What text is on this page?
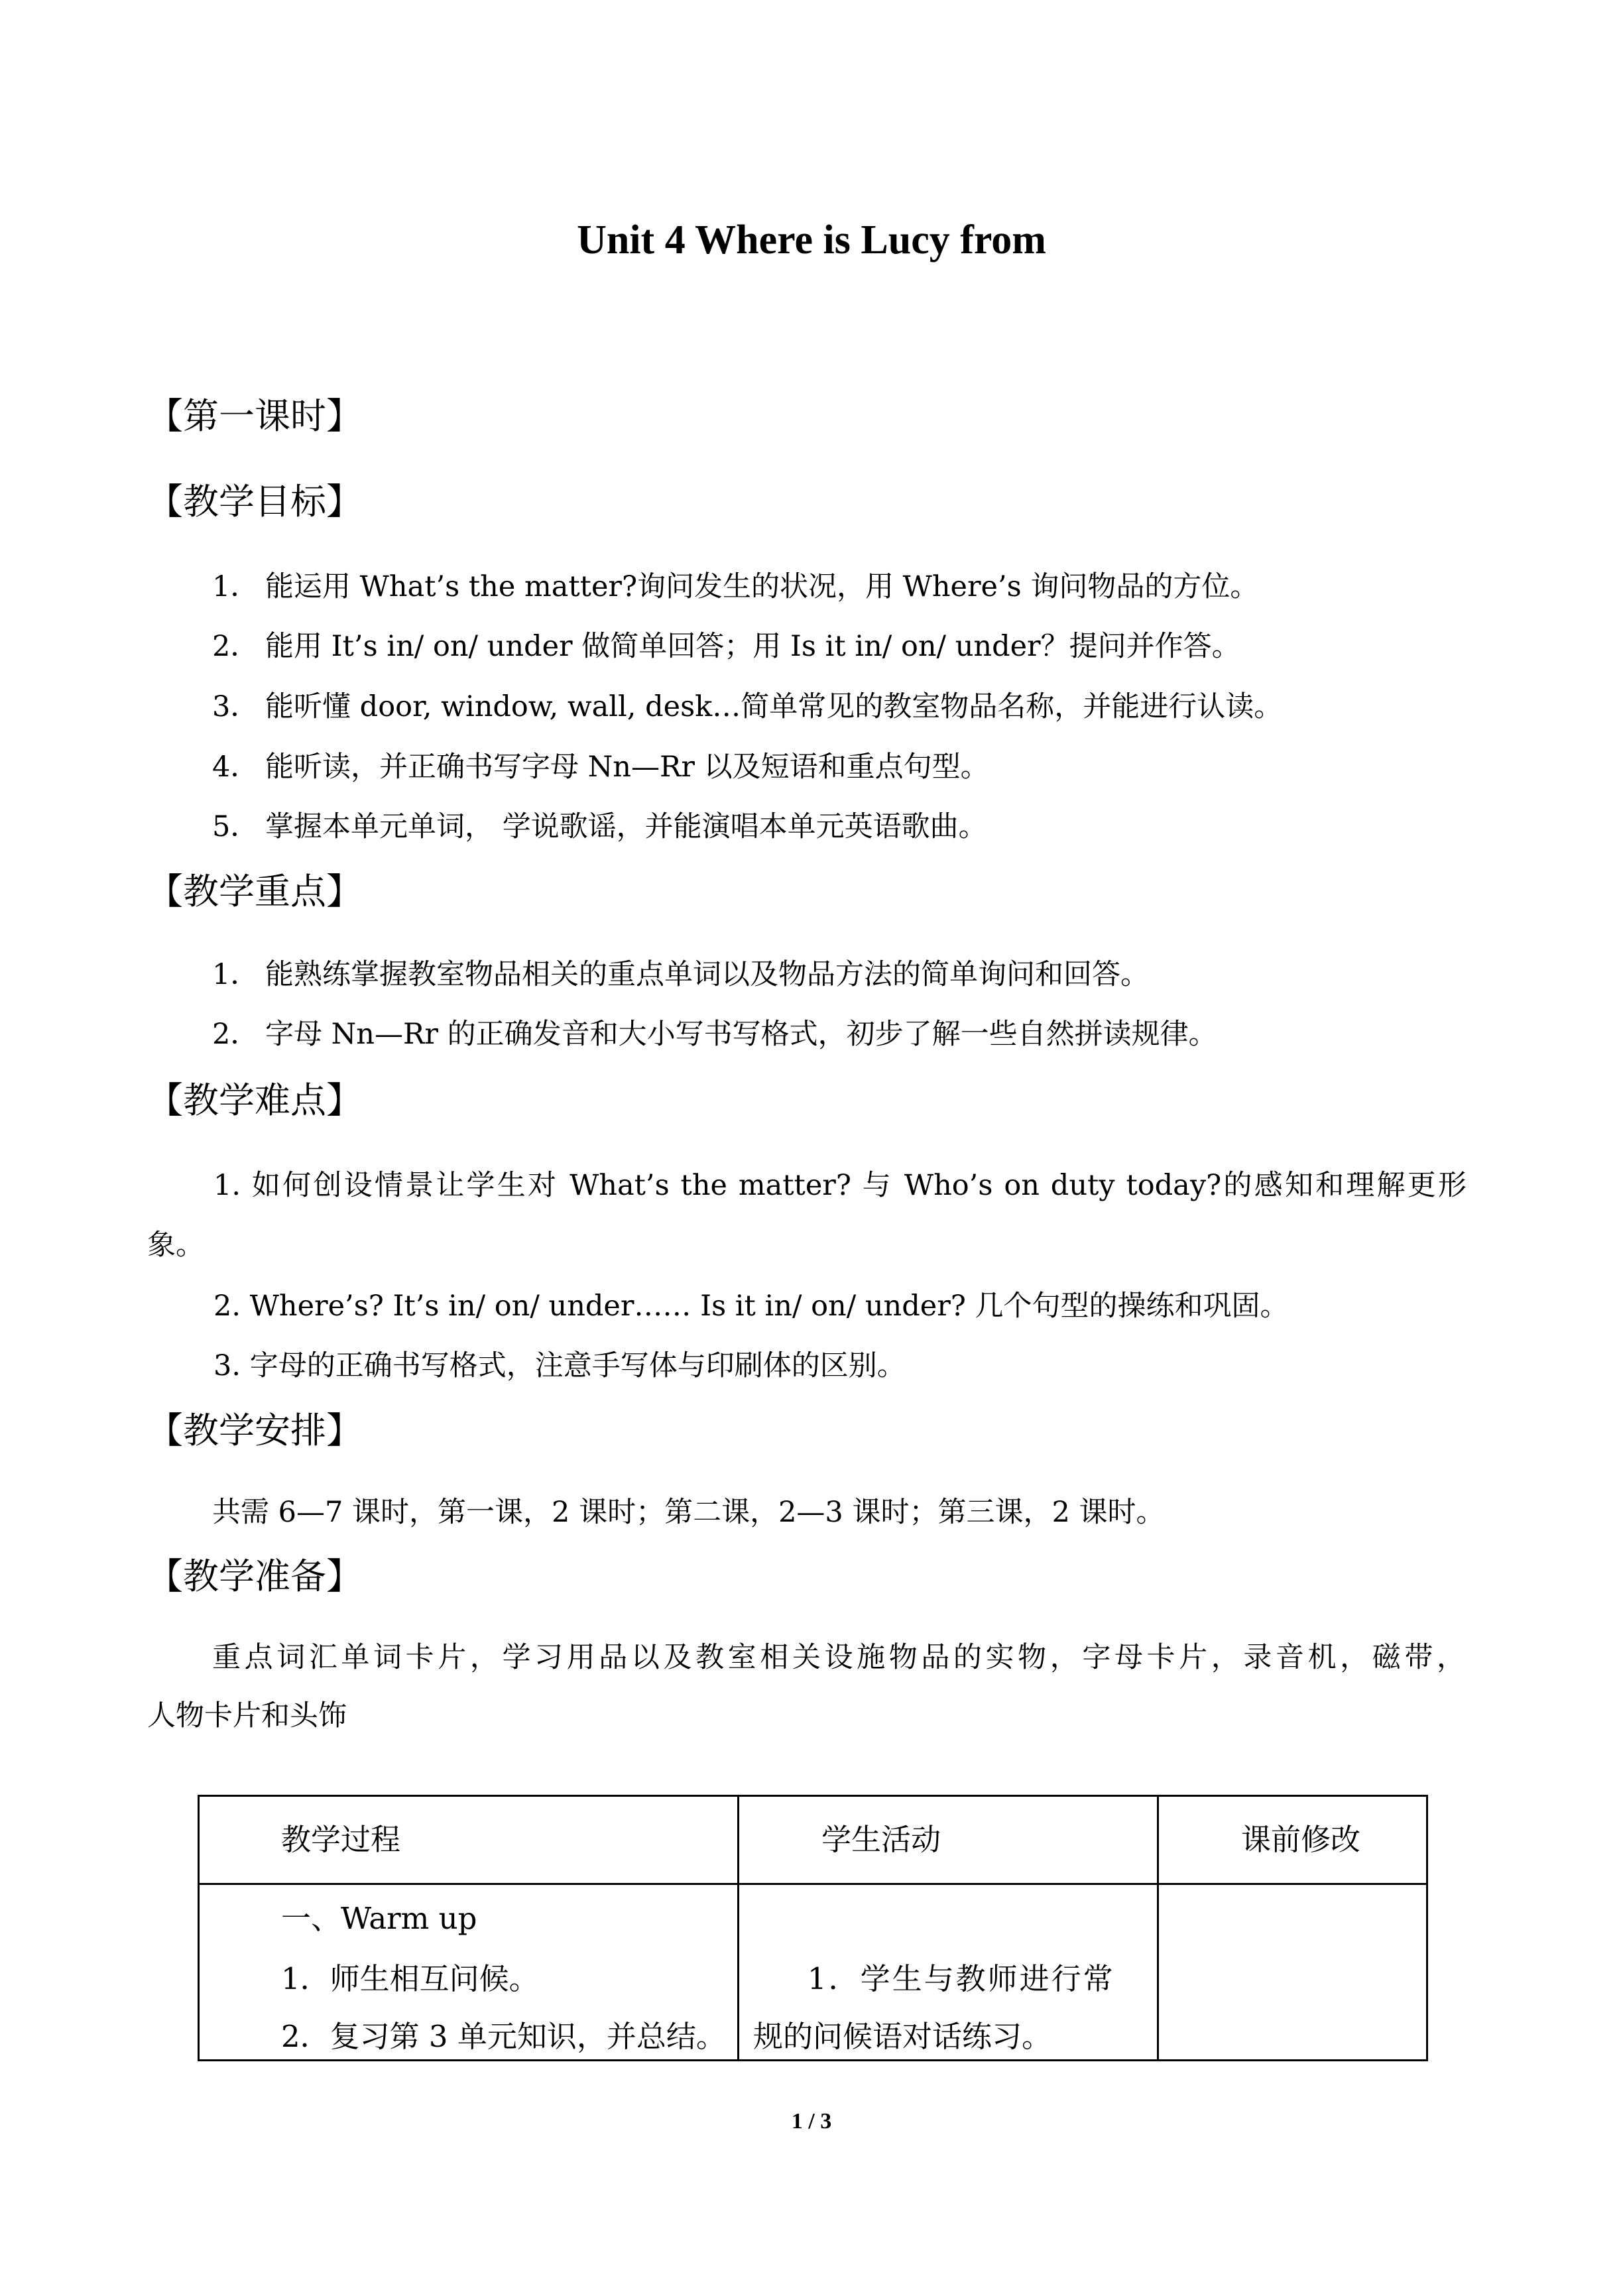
Unit 4 Where is Lucy from
【第一课时】
【教学目标】
1． 能运用 What’s the matter?询问发生的状况，用 Where’s 询问物品的方位。
2． 能用 It’s in/ on/ under 做简单回答；用 Is it in/ on/ under？提问并作答。
3． 能听懂 door, window, wall, desk…简单常见的教室物品名称，并能进行认读。
4． 能听读，并正确书写字母 Nn—Rr 以及短语和重点句型。
5． 掌握本单元单词， 学说歌谣，并能演唱本单元英语歌曲。
【教学重点】
1． 能熟练掌握教室物品相关的重点单词以及物品方法的简单询问和回答。
2． 字母 Nn—Rr 的正确发音和大小写书写格式，初步了解一些自然拼读规律。
【教学难点】
1. 如何创设情景让学生对 What’s the matter? 与 Who’s on duty today?的感知和理解更形
象。
2. Where’s? It’s in/ on/ under…… Is it in/ on/ under? 几个句型的操练和巩固。
3. 字母的正确书写格式，注意手写体与印刷体的区别。
【教学安排】
共需 6—7 课时，第一课，2 课时；第二课，2—3 课时；第三课，2 课时。
【教学准备】
重点词汇单词卡片，学习用品以及教室相关设施物品的实物，字母卡片，录音机，磁带，
人物卡片和头饰
教学过程	学生活动	课前修改
一、Warm up
1．师生相互问候。
2．复习第 3 单元知识，并总结。
1．学生与教师进行常
规的问候语对话练习。
1 / 3
